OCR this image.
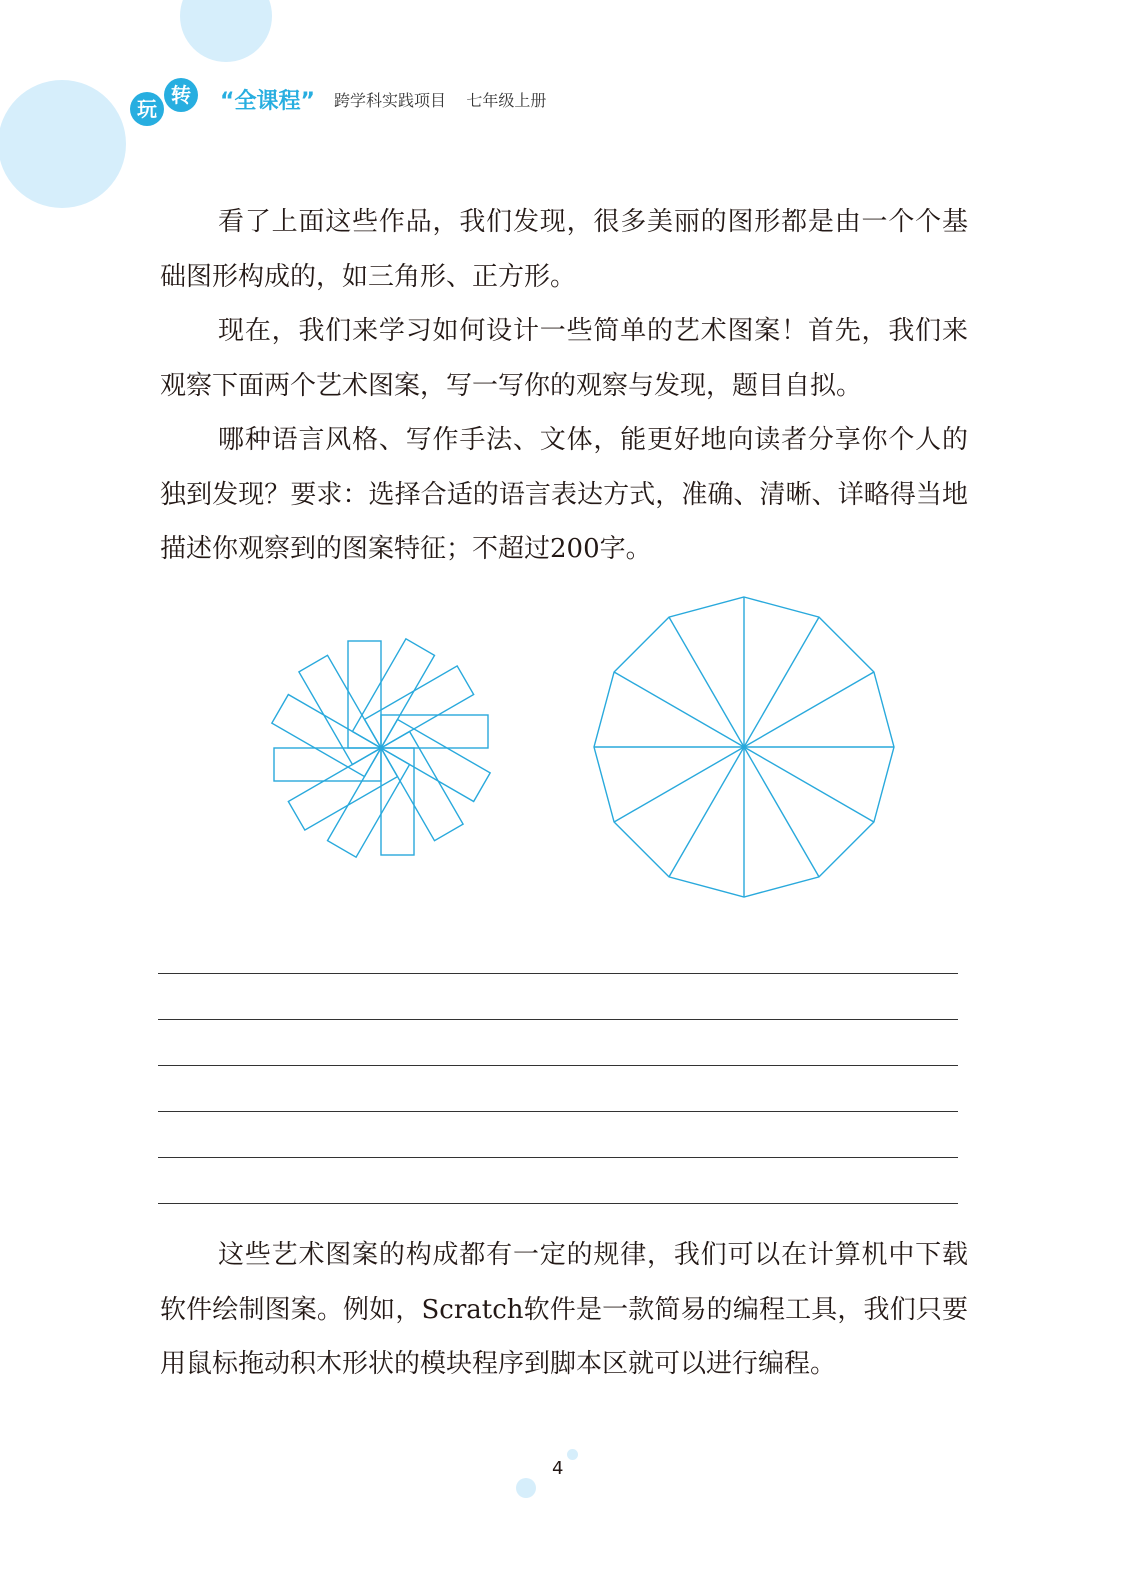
玩
转	“全课程” 跨学科实践项目    七年级上册

看了上面这些作品，我们发现，很多美丽的图形都是由一个个基础图形构成的，如三角形、正方形。

现在，我们来学习如何设计一些简单的艺术图案！首先，我们来观察下面两个艺术图案，写一写你的观察与发现，题目自拟。

哪种语言风格、写作手法、文体，能更好地向读者分享你个人的独到发现？要求：选择合适的语言表达方式，准确、清晰、详略得当地描述你观察到的图案特征；不超过200字。

这些艺术图案的构成都有一定的规律，我们可以在计算机中下载软件绘制图案。例如，Scratch软件是一款简易的编程工具，我们只要用鼠标拖动积木形状的模块程序到脚本区就可以进行编程。

4
